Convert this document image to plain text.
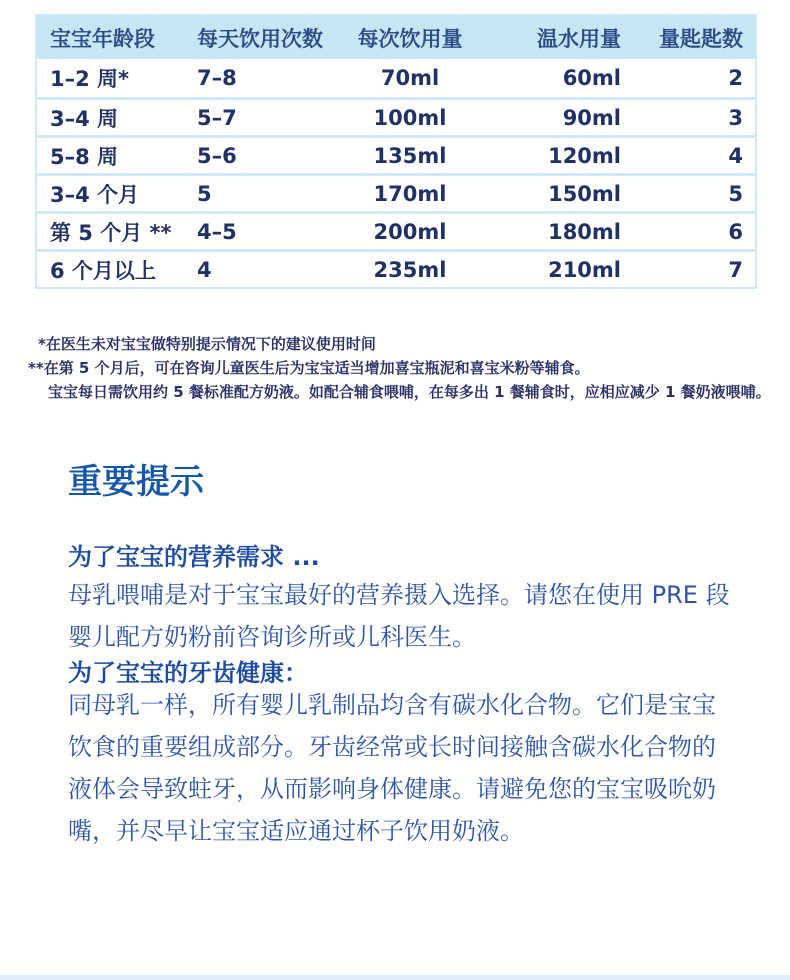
宝宝年龄段	每天饮用次数	每次饮用量	温水用量	量匙匙数
1–2 周*	7–8	70ml	60ml	2
3–4 周	5–7	100ml	90ml	3
5–8 周	5–6	135ml	120ml	4
3–4 个月	5	170ml	150ml	5
第 5 个月 **	4–5	200ml	180ml	6
6 个月以上	4	235ml	210ml	7
*在医生未对宝宝做特别提示情况下的建议使用时间
**在第 5 个月后，可在咨询儿童医生后为宝宝适当增加喜宝瓶泥和喜宝米粉等辅食。
宝宝每日需饮用约 5 餐标准配方奶液。如配合辅食喂哺，在每多出 1 餐辅食时，应相应减少 1 餐奶液喂哺。
重要提示
为了宝宝的营养需求 ...
母乳喂哺是对于宝宝最好的营养摄入选择。请您在使用 PRE 段
婴儿配方奶粉前咨询诊所或儿科医生。
为了宝宝的牙齿健康：
同母乳一样，所有婴儿乳制品均含有碳水化合物。它们是宝宝
饮食的重要组成部分。牙齿经常或长时间接触含碳水化合物的
液体会导致蛀牙，从而影响身体健康。请避免您的宝宝吸吮奶
嘴，并尽早让宝宝适应通过杯子饮用奶液。
